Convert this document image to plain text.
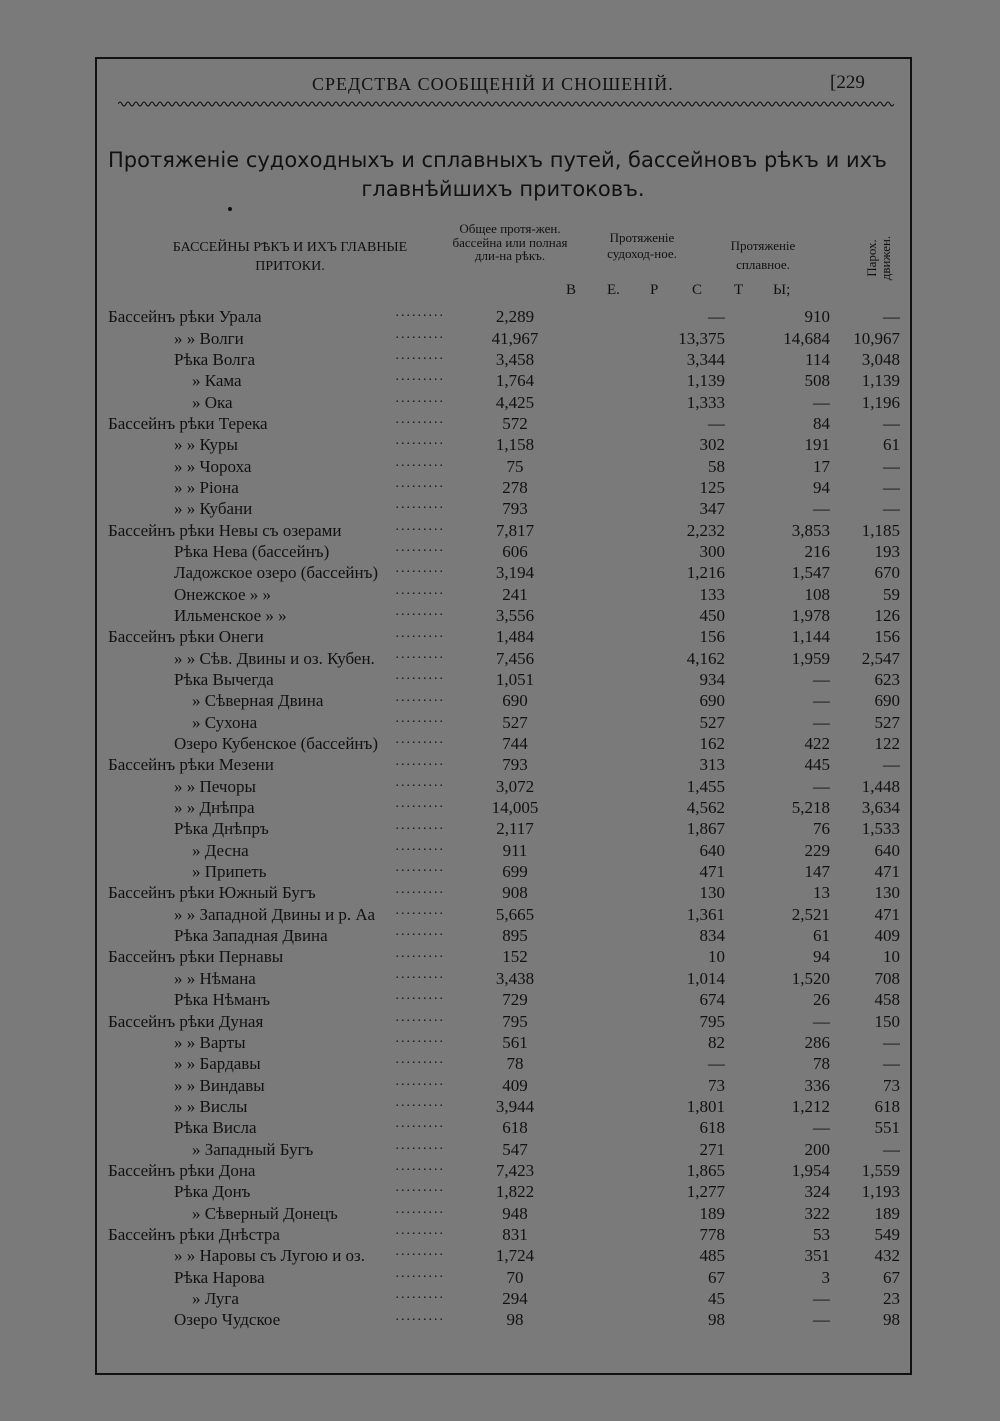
СРЕДСТВА СООБЩЕНІЙ И СНОШЕНІЙ.	[229
Протяженіе судоходныхъ и сплавныхъ путей, бассейновъ рѣкъ и ихъ
главнѣйшихъ притоковъ.
БАССЕЙНЫ РѢКЪ И ИХЪ ГЛАВНЫЕ ПРИТОКИ.
Общее протя-жен. бассейна или полная дли-на рѣкъ.
Протяженіе судоход-ное.
Протяженіе сплавное.	Парох. движен.
В Е. Р С Т Ы;
Бассейнъ рѣки Урала .........	2,289	—	910	—
» » Волги .........	41,967	13,375	14,684	10,967
Рѣка Волга .........	3,458	3,344	114	3,048
» Кама .........	1,764	1,139	508	1,139
» Ока .........	4,425	1,333	—	1,196
Бассейнъ рѣки Терека .........	572	—	84	—
» » Куры .........	1,158	302	191	61
» » Чороха .........	75	58	17	—
» » Ріона .........	278	125	94	—
» » Кубани .........	793	347	—	—
Бассейнъ рѣки Невы съ озерами .........	7,817	2,232	3,853	1,185
Рѣка Нева (бассейнъ) .........	606	300	216	193
Ладожское озеро (бассейнъ) .........	3,194	1,216	1,547	670
Онежское » » .........	241	133	108	59
Ильменское » » .........	3,556	450	1,978	126
Бассейнъ рѣки Онеги .........	1,484	156	1,144	156
» » Сѣв. Двины и оз. Кубен. .........	7,456	4,162	1,959	2,547
Рѣка Вычегда .........	1,051	934	—	623
» Сѣверная Двина .........	690	690	—	690
» Сухона .........	527	527	—	527
Озеро Кубенское (бассейнъ) .........	744	162	422	122
Бассейнъ рѣки Мезени .........	793	313	445	—
» » Печоры .........	3,072	1,455	—	1,448
» » Днѣпра .........	14,005	4,562	5,218	3,634
Рѣка Днѣпръ .........	2,117	1,867	76	1,533
» Десна .........	911	640	229	640
» Припеть .........	699	471	147	471
Бассейнъ рѣки Южный Бугъ .........	908	130	13	130
» » Западной Двины и р. Аа .........	5,665	1,361	2,521	471
Рѣка Западная Двина .........	895	834	61	409
Бассейнъ рѣки Пернавы .........	152	10	94	10
» » Нѣмана .........	3,438	1,014	1,520	708
Рѣка Нѣманъ .........	729	674	26	458
Бассейнъ рѣки Дуная .........	795	795	—	150
» » Варты .........	561	82	286	—
» » Бардавы .........	78	—	78	—
» » Виндавы .........	409	73	336	73
» » Вислы .........	3,944	1,801	1,212	618
Рѣка Висла .........	618	618	—	551
» Западный Бугъ .........	547	271	200	—
Бассейнъ рѣки Дона .........	7,423	1,865	1,954	1,559
Рѣка Донъ .........	1,822	1,277	324	1,193
» Сѣверный Донецъ .........	948	189	322	189
Бассейнъ рѣки Днѣстра .........	831	778	53	549
» » Наровы съ Лугою и оз. .........	1,724	485	351	432
Рѣка Нарова .........	70	67	3	67
» Луга .........	294	45	—	23
Озеро Чудское .........	98	98	—	98
